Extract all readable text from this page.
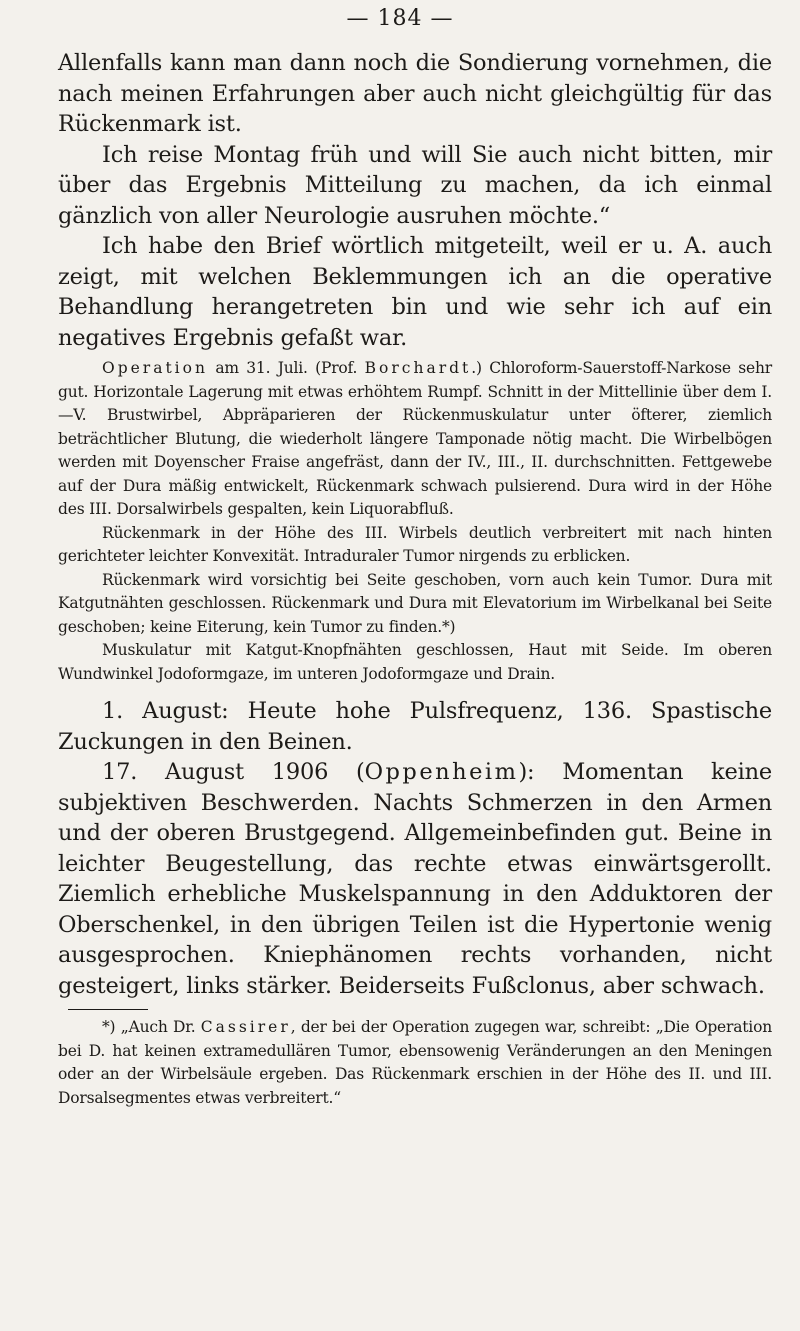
— 184 —

Allenfalls kann man dann noch die Sondierung vornehmen, die nach meinen Erfahrungen aber auch nicht gleichgültig für das Rückenmark ist.

Ich reise Montag früh und will Sie auch nicht bitten, mir über das Ergebnis Mitteilung zu machen, da ich einmal gänzlich von aller Neurologie ausruhen möchte.“

Ich habe den Brief wörtlich mitgeteilt, weil er u. A. auch zeigt, mit welchen Beklemmungen ich an die operative Behandlung herangetreten bin und wie sehr ich auf ein negatives Ergebnis gefaßt war.

Operation am 31. Juli. (Prof. Borchardt.) Chloroform-Sauerstoff-Narkose sehr gut. Horizontale Lagerung mit etwas erhöhtem Rumpf. Schnitt in der Mittellinie über dem I.—V. Brustwirbel, Abpräparieren der Rückenmuskulatur unter öfterer, ziemlich beträchtlicher Blutung, die wiederholt längere Tamponade nötig macht. Die Wirbelbögen werden mit Doyenscher Fraise angefräst, dann der IV., III., II. durchschnitten. Fettgewebe auf der Dura mäßig entwickelt, Rückenmark schwach pulsierend. Dura wird in der Höhe des III. Dorsalwirbels gespalten, kein Liquorabfluß.

Rückenmark in der Höhe des III. Wirbels deutlich verbreitert mit nach hinten gerichteter leichter Konvexität. Intraduraler Tumor nirgends zu erblicken.

Rückenmark wird vorsichtig bei Seite geschoben, vorn auch kein Tumor. Dura mit Katgutnähten geschlossen. Rückenmark und Dura mit Elevatorium im Wirbelkanal bei Seite geschoben; keine Eiterung, kein Tumor zu finden.*)

Muskulatur mit Katgut-Knopfnähten geschlossen, Haut mit Seide. Im oberen Wundwinkel Jodoformgaze, im unteren Jodoformgaze und Drain.

1. August: Heute hohe Pulsfrequenz, 136. Spastische Zuckungen in den Beinen.

17. August 1906 (Oppenheim): Momentan keine subjektiven Beschwerden. Nachts Schmerzen in den Armen und der oberen Brustgegend. Allgemeinbefinden gut. Beine in leichter Beugestellung, das rechte etwas einwärtsgerollt. Ziemlich erhebliche Muskelspannung in den Adduktoren der Oberschenkel, in den übrigen Teilen ist die Hypertonie wenig ausgesprochen. Kniephänomen rechts vorhanden, nicht gesteigert, links stärker. Beiderseits Fußclonus, aber schwach.

*) „Auch Dr. Cassirer, der bei der Operation zugegen war, schreibt: „Die Operation bei D. hat keinen extramedullären Tumor, ebensowenig Veränderungen an den Meningen oder an der Wirbelsäule ergeben. Das Rückenmark erschien in der Höhe des II. und III. Dorsalsegmentes etwas verbreitert.“
